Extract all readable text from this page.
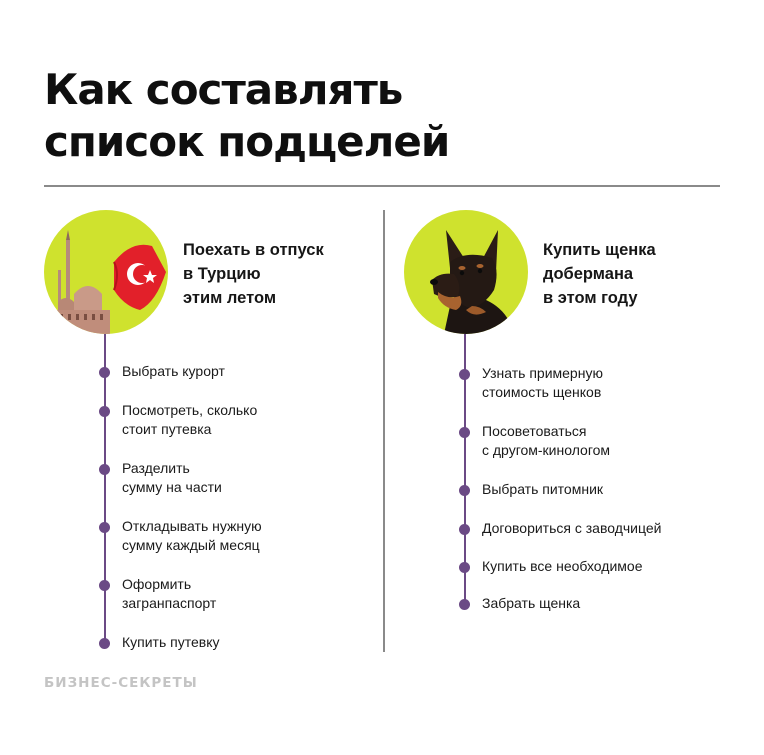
Как составлять
список подцелей
Поехать в отпуск
в Турцию
этим летом
Выбрать курорт
Посмотреть, сколько
стоит путевка
Разделить
сумму на части
Откладывать нужную
сумму каждый месяц
Оформить
загранпаспорт
Купить путевку
Купить щенка
добермана
в этом году
Узнать примерную
стоимость щенков
Посоветоваться
с другом-кинологом
Выбрать питомник
Договориться с заводчицей
Купить все необходимое
Забрать щенка
БИЗНЕС-СЕКРЕТЫ
